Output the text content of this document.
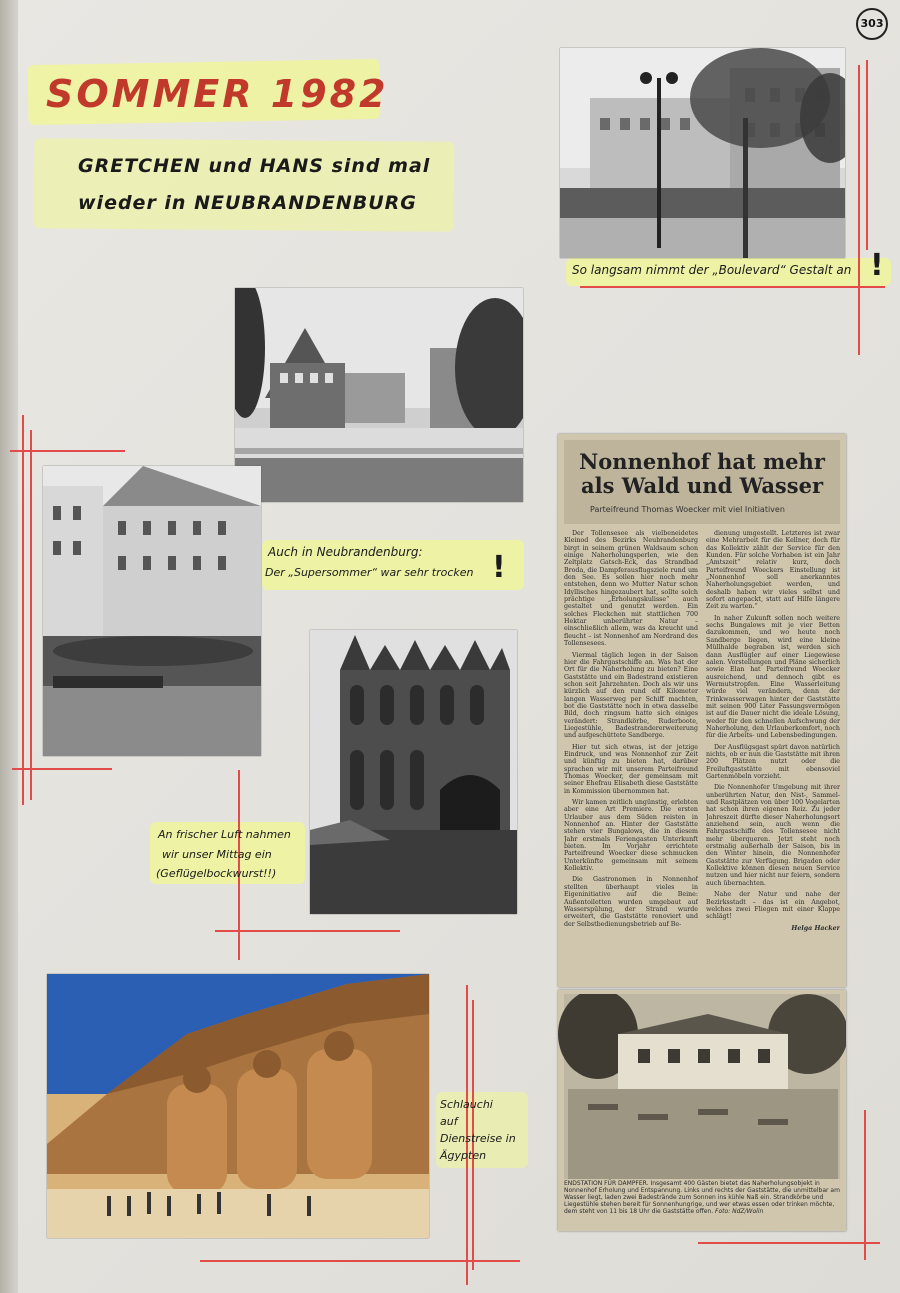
303
SOMMER 1982
GRETCHEN und HANS sind mal
wieder in NEUBRANDENBURG
So langsam nimmt der „Boulevard“ Gestalt an !
Auch in Neubrandenburg:
Der „Supersommer“ war sehr trocken !
An frischer Luft nahmen
wir unser Mittag ein
(Geflügelbockwurst!!)
Schlauchi
auf
Dienstreise in
Ägypten
Nonnenhof hat mehr
als Wald und Wasser
Parteifreund Thomas Woecker mit viel Initiativen

Der Tollensesee als vielbeneidetes Kleinod des Bezirks Neubrandenburg birgt in seinem grünen Waldsaum schon einige Naherholungsperlen, wie den Zeltplatz Gatsch-Eck, das Strandbad Broda, die Dampferausflugsziele rund um den See. Es sollen hier noch mehr entstehen, denn wo Mutter Natur schon Idyllisches hingezaubert hat, sollte solch prächtige „Erholungskulisse“ auch gestaltet und genutzt werden. Ein solches Fleckchen mit stattlichen 700 Hektar unberührter Natur – einschließlich allem, was da kreucht und fleucht – ist Nonnenhof am Nordrand des Tollensesees.

Viermal täglich legen in der Saison hier die Fahrgastschiffe an. Was hat der Ort für die Naherholung zu bieten? Eine Gaststätte und ein Badestrand existieren schon seit Jahrzehnten. Doch als wir uns kürzlich auf den rund elf Kilometer langen Wasserweg per Schiff machten, bot die Gaststätte noch in etwa dasselbe Bild, doch ringsum hatte sich einiges verändert: Strandkörbe, Ruderboote, Liegestühle, Badestrandererweiterung und aufgeschüttete Sandberge.

Hier tut sich etwas, ist der jetzige Eindruck, und was Nonnenhof zur Zeit und künftig zu bieten hat, darüber sprachen wir mit unserem Parteifreund Thomas Woecker, der gemeinsam mit seiner Ehefrau Elisabeth diese Gaststätte in Kommission übernommen hat.

Wir kamen zeitlich ungünstig, erlebten aber eine Art Premiere. Die ersten Urlauber aus dem Süden reisten in Nonnenhof an. Hinter der Gaststätte stehen vier Bungalows, die in diesem Jahr erstmals Feriengasten Unterkunft bieten. Im Vorjahr errichtete Parteifreund Woecker diese schmucken Unterkünfte gemeinsam mit seinem Kollektiv.

Die Gastronomen in Nonnenhof stellten überhaupt vieles in Eigeninitiative auf die Beine: Außentoiletten wurden umgebaut auf Wasserspülung, der Strand wurde erweitert, die Gaststätte renoviert und der Selbstbedienungsbetrieb auf Be-

dienung umgestellt. Letzteres ist zwar eine Mehrarbeit für die Kellner, doch für das Kollektiv zählt der Service für den Kunden. Für solche Vorhaben ist ein Jahr „Amtszeit“ relativ kurz, doch Parteifreund Woeckers Einstellung ist „Nonnenhof soll anerkanntes Naherholungsgebiet werden, und deshalb haben wir vieles selbst und sofort angepackt, statt auf Hilfe längere Zeit zu warten.“

In naher Zukunft sollen noch weitere sechs Bungalows mit je vier Betten dazukommen, und wo heute noch Sandberge liegen, wird eine kleine Müllhalde begraben ist, werden sich dann Ausflügler auf einer Liegewiese aalen. Vorstellungen und Pläne sicherlich sowie Elan hat Parteifreund Woecker ausreichend, und dennoch gibt es Wermutstropfen. Eine Wasserleitung würde viel verändern, denn der Trinkwasserwagen hinter der Gaststätte mit seinen 900 Liter Fassungsvermögen ist auf die Dauer nicht die ideale Lösung, weder für den schnellen Aufschwung der Naherholung, den Urlauberkomfort, noch für die Arbeits- und Lebensbedingungen.

Der Ausflügsgast spürt davon natürlich nichts, ob er nun die Gaststätte mit ihren 200 Plätzen nutzt oder die Freiluftgaststätte mit ebensoviel Gartenmöbeln vorzieht.

Die Nonnenhofer Umgebung mit ihrer unberührten Natur, den Nist-, Sammel- und Rastplätzen von über 100 Vogelarten hat schon ihren eigenen Reiz. Zu jeder Jahreszeit dürfte dieser Naherholungsort anziehend sein, auch wenn die Fahrgastschiffe des Tollensesee nicht mehr überqueren. Jetzt steht noch erstmalig außerhalb der Saison, bis in den Winter hinein, die Nonnenhofer Gaststätte zur Verfügung. Brigaden oder Kollektive können diesen neuen Service nutzen und hier nicht nur feiern, sondern auch übernachten.

Nahe der Natur und nahe der Bezirksstadt – das ist ein Angebot, welches zwei Fliegen mit einer Klappe schlägt!

Helga Hacker
ENDSTATION FÜR DAMPFER. Insgesamt 400 Gästen bietet das Naherholungsobjekt in Nonnenhof Erholung und Entspannung. Links und rechts der Gaststätte, die unmittelbar am Wasser liegt, laden zwei Badestrände zum Sonnen ins kühle Naß ein. Strandkörbe und Liegestühle stehen bereit für Sonnenhungrige, und wer etwas essen oder trinken möchte, dem steht von 11 bis 18 Uhr die Gaststätte offen. Foto: NdZ/Wolin
